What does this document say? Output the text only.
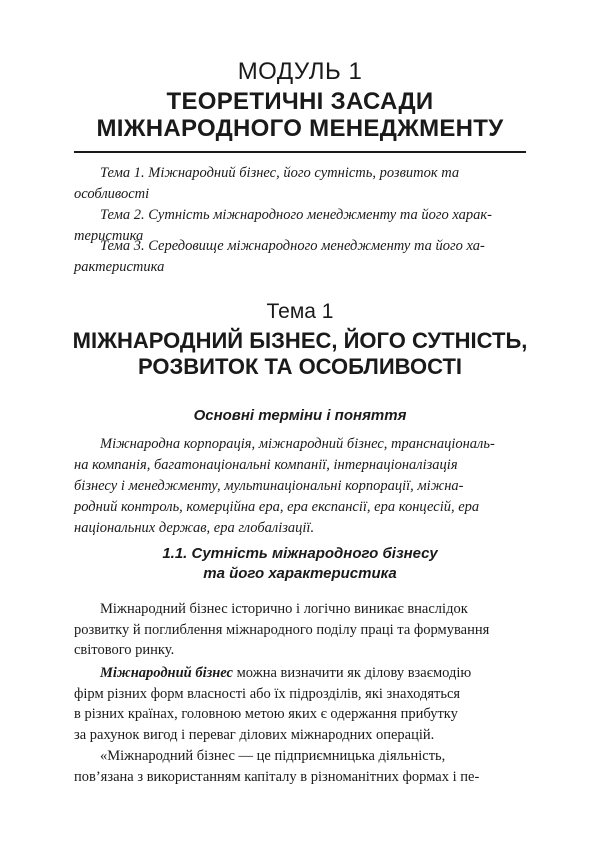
МОДУЛЬ 1
ТЕОРЕТИЧНІ ЗАСАДИ
МІЖНАРОДНОГО МЕНЕДЖМЕНТУ

Тема 1. Міжнародний бізнес, його сутність, розвиток та

особливості

Тема 2. Сутність міжнародного менеджменту та його харак-

теристика

Тема 3. Середовище міжнародного менеджменту та його ха-

рактеристика

Тема 1
МІЖНАРОДНИЙ БІЗНЕС, ЙОГО СУТНІСТЬ,
РОЗВИТОК ТА ОСОБЛИВОСТІ
Основні терміни і поняття
Міжнародна корпорація, міжнародний бізнес, транснаціональ-
на компанія, багатонаціональні компанії, інтернаціоналізація
бізнесу і менеджменту, мультинаціональні корпорації, міжна-
родний контроль, комерційна ера, ера експансії, ера концесій, ера
національних держав, ера глобалізації.
1.1. Сутність міжнародного бізнесу
та його характеристика
Міжнародний бізнес історично і логічно виникає внаслідок
розвитку й поглиблення міжнародного поділу праці та формування
світового ринку.
Міжнародний бізнес можна визначити як ділову взаємодію
фірм різних форм власності або їх підрозділів, які знаходяться
в різних країнах, головною метою яких є одержання прибутку
за рахунок вигод і переваг ділових міжнародних операцій.
«Міжнародний бізнес — це підприємницька діяльність,
пов’язана з використанням капіталу в різноманітних формах і пе-
